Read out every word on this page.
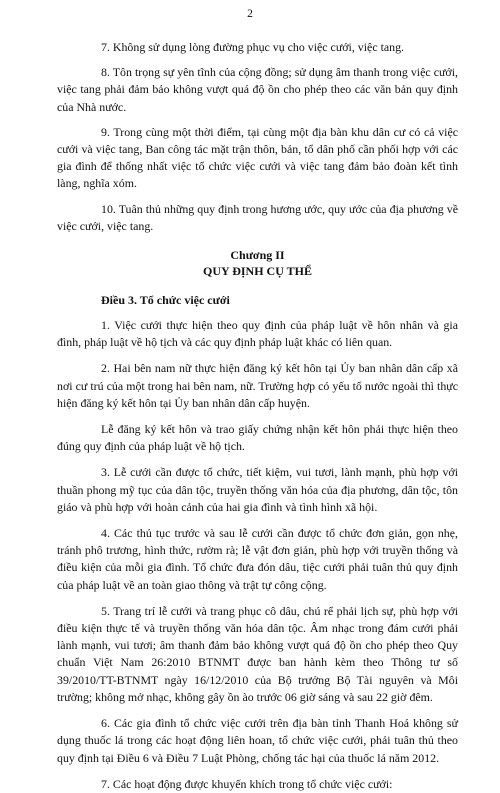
2

7. Không sử dụng lòng đường phục vụ cho việc cưới, việc tang.

8. Tôn trọng sự yên tĩnh của cộng đồng; sử dụng âm thanh trong việc cưới, việc tang phải đảm bảo không vượt quá độ ồn cho phép theo các văn bản quy định của Nhà nước.

9. Trong cùng một thời điểm, tại cùng một địa bàn khu dân cư có cả việc cưới và việc tang, Ban công tác mặt trận thôn, bản, tổ dân phố cần phối hợp với các gia đình để thống nhất việc tổ chức việc cưới và việc tang đảm bảo đoàn kết tình làng, nghĩa xóm.

10. Tuân thủ những quy định trong hương ước, quy ước của địa phương về việc cưới, việc tang.

Chương II
QUY ĐỊNH CỤ THỂ

Điều 3. Tổ chức việc cưới

1. Việc cưới thực hiện theo quy định của pháp luật về hôn nhân và gia đình, pháp luật về hộ tịch và các quy định pháp luật khác có liên quan.

2. Hai bên nam nữ thực hiện đăng ký kết hôn tại Ủy ban nhân dân cấp xã nơi cư trú của một trong hai bên nam, nữ. Trường hợp có yếu tố nước ngoài thì thực hiện đăng ký kết hôn tại Ủy ban nhân dân cấp huyện.

Lễ đăng ký kết hôn và trao giấy chứng nhận kết hôn phải thực hiện theo đúng quy định của pháp luật về hộ tịch.

3. Lễ cưới cần được tổ chức, tiết kiệm, vui tươi, lành mạnh, phù hợp với thuần phong mỹ tục của dân tộc, truyền thống văn hóa của địa phương, dân tộc, tôn giáo và phù hợp với hoàn cảnh của hai gia đình và tình hình xã hội.

4. Các thủ tục trước và sau lễ cưới cần được tổ chức đơn giản, gọn nhẹ, tránh phô trương, hình thức, rườm rà; lễ vật đơn giản, phù hợp với truyền thống và điều kiện của mỗi gia đình. Tổ chức đưa đón dâu, tiệc cưới phải tuân thủ quy định của pháp luật về an toàn giao thông và trật tự công cộng.

5. Trang trí lễ cưới và trang phục cô dâu, chú rể phải lịch sự, phù hợp với điều kiện thực tế và truyền thống văn hóa dân tộc. Âm nhạc trong đám cưới phải lành mạnh, vui tươi; âm thanh đảm bảo không vượt quá độ ồn cho phép theo Quy chuẩn Việt Nam 26:2010 BTNMT được ban hành kèm theo Thông tư số 39/2010/TT-BTNMT ngày 16/12/2010 của Bộ trưởng Bộ Tài nguyên và Môi trường; không mở nhạc, không gây ồn ào trước 06 giờ sáng và sau 22 giờ đêm.

6. Các gia đình tổ chức việc cưới trên địa bàn tỉnh Thanh Hoá không sử dụng thuốc lá trong các hoạt động liên hoan, tổ chức việc cưới, phải tuân thủ theo quy định tại Điều 6 và Điều 7 Luật Phòng, chống tác hại của thuốc lá năm 2012.

7. Các hoạt động được khuyến khích trong tổ chức việc cưới:
